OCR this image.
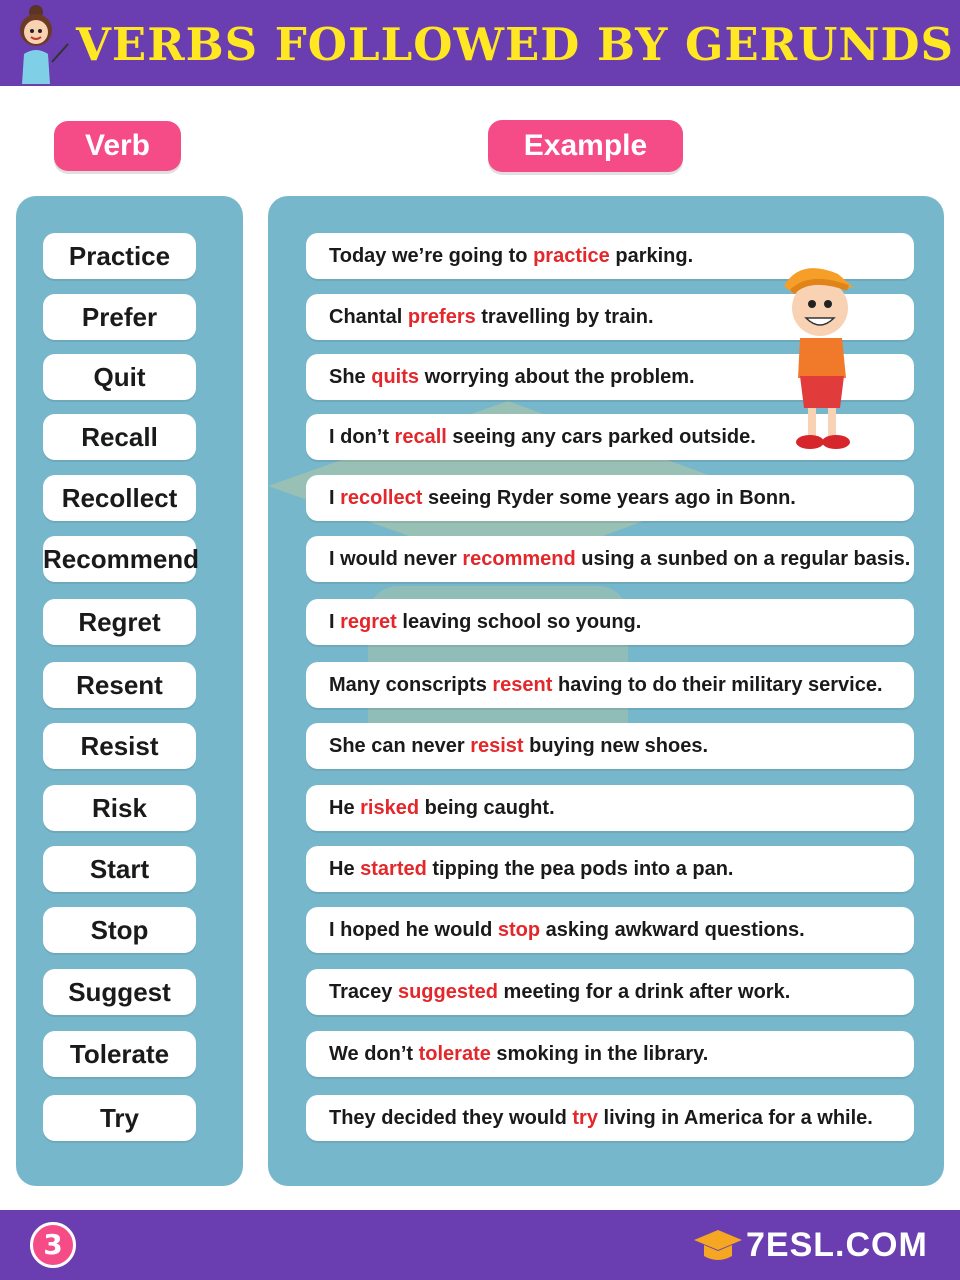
VERBS FOLLOWED BY GERUNDS
Verb	Example
Practice
Prefer
Quit
Recall
Recollect
Recommend
Regret
Resent
Resist
Risk
Start
Stop
Suggest
Tolerate
Try
Today we’re going to practice parking.
Chantal prefers travelling by train.
She quits worrying about the problem.
I don’t recall seeing any cars parked outside.
I recollect seeing Ryder some years ago in Bonn.
I would never recommend using a sunbed on a regular basis.
I regret leaving school so young.
Many conscripts resent having to do their military service.
She can never resist buying new shoes.
He risked being caught.
He started tipping the pea pods into a pan.
I hoped he would stop asking awkward questions.
Tracey suggested meeting for a drink after work.
We don’t tolerate smoking in the library.
They decided they would try living in America for a while.
3	7ESL.COM
